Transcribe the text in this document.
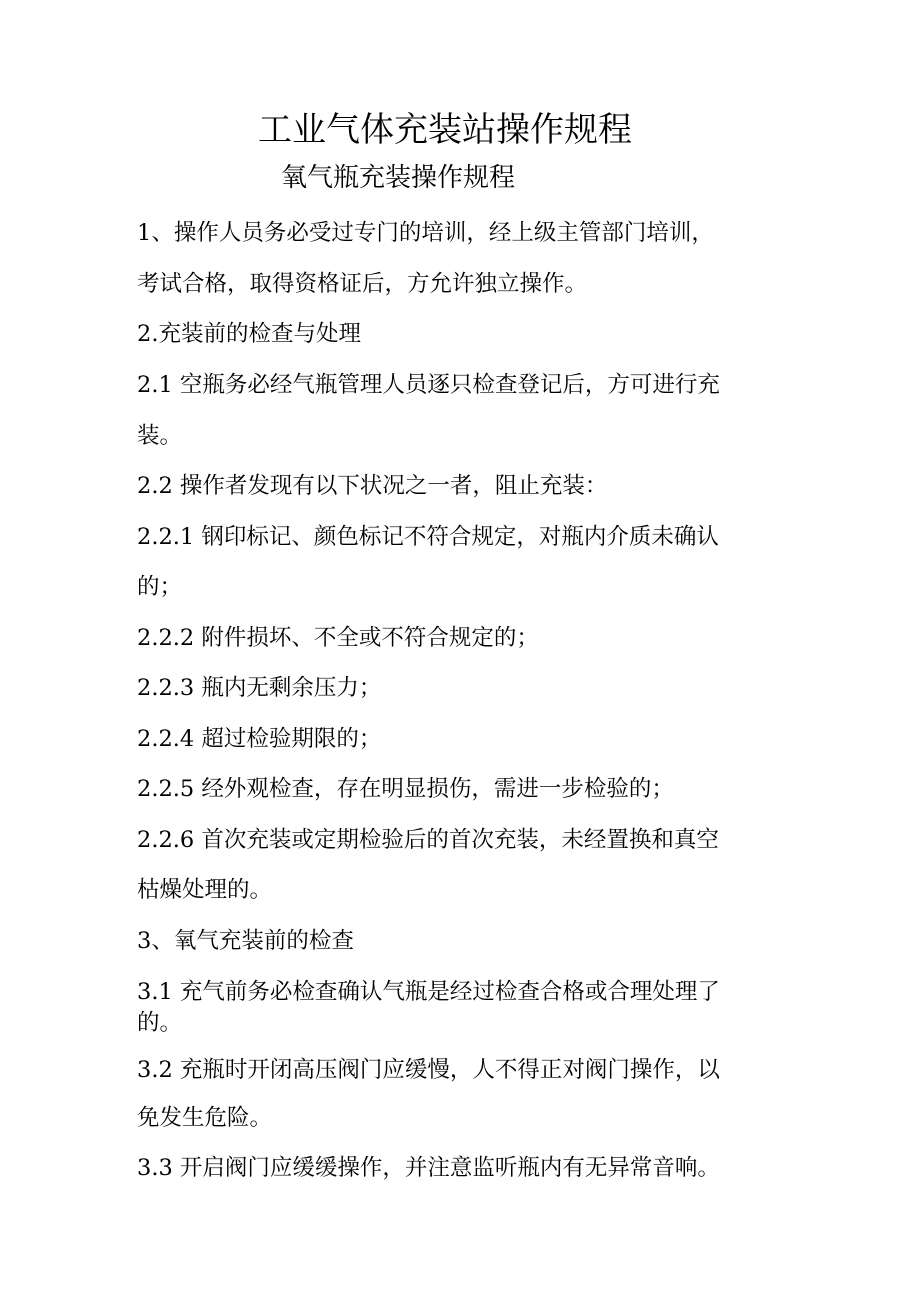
工业气体充装站操作规程
氧气瓶充装操作规程
1、操作人员务必受过专门的培训，经上级主管部门培训，
考试合格，取得资格证后，方允许独立操作。
2.充装前的检查与处理
2.1 空瓶务必经气瓶管理人员逐只检查登记后，方可进行充
装。
2.2 操作者发现有以下状况之一者，阻止充装：
2.2.1 钢印标记、颜色标记不符合规定，对瓶内介质未确认
的；
2.2.2 附件损坏、不全或不符合规定的；
2.2.3 瓶内无剩余压力；
2.2.4 超过检验期限的；
2.2.5 经外观检查，存在明显损伤，需进一步检验的；
2.2.6 首次充装或定期检验后的首次充装，未经置换和真空
枯燥处理的。
3、氧气充装前的检查
3.1 充气前务必检查确认气瓶是经过检查合格或合理处理了
的。
3.2 充瓶时开闭高压阀门应缓慢，人不得正对阀门操作，以
免发生危险。
3.3 开启阀门应缓缓操作，并注意监听瓶内有无异常音响。
